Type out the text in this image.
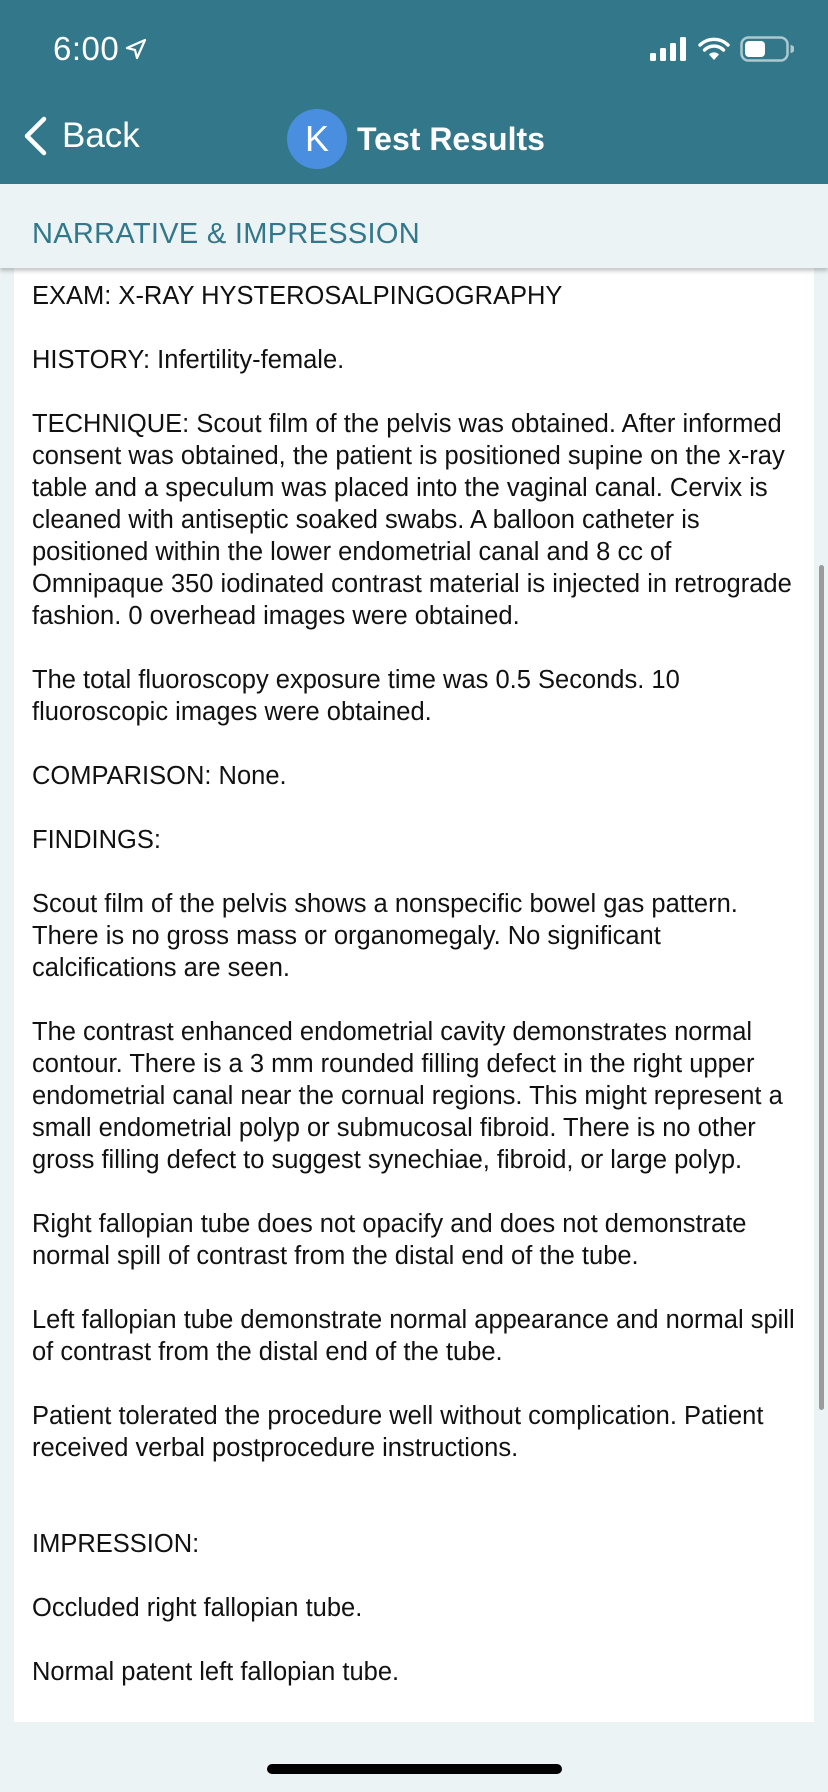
6:00
Back	K Test Results
NARRATIVE & IMPRESSION

EXAM: X-RAY HYSTEROSALPINGOGRAPHY

HISTORY: Infertility-female.

TECHNIQUE: Scout film of the pelvis was obtained. After informed consent was obtained, the patient is positioned supine on the x-ray table and a speculum was placed into the vaginal canal. Cervix is cleaned with antiseptic soaked swabs. A balloon catheter is positioned within the lower endometrial canal and 8 cc of Omnipaque 350 iodinated contrast material is injected in retrograde fashion. 0 overhead images were obtained.

The total fluoroscopy exposure time was 0.5 Seconds. 10 fluoroscopic images were obtained.

COMPARISON: None.

FINDINGS:

Scout film of the pelvis shows a nonspecific bowel gas pattern. There is no gross mass or organomegaly. No significant calcifications are seen.

The contrast enhanced endometrial cavity demonstrates normal contour. There is a 3 mm rounded filling defect in the right upper endometrial canal near the cornual regions. This might represent a small endometrial polyp or submucosal fibroid. There is no other gross filling defect to suggest synechiae, fibroid, or large polyp.

Right fallopian tube does not opacify and does not demonstrate normal spill of contrast from the distal end of the tube.

Left fallopian tube demonstrate normal appearance and normal spill of contrast from the distal end of the tube.

Patient tolerated the procedure well without complication. Patient received verbal postprocedure instructions.

IMPRESSION:

Occluded right fallopian tube.

Normal patent left fallopian tube.
